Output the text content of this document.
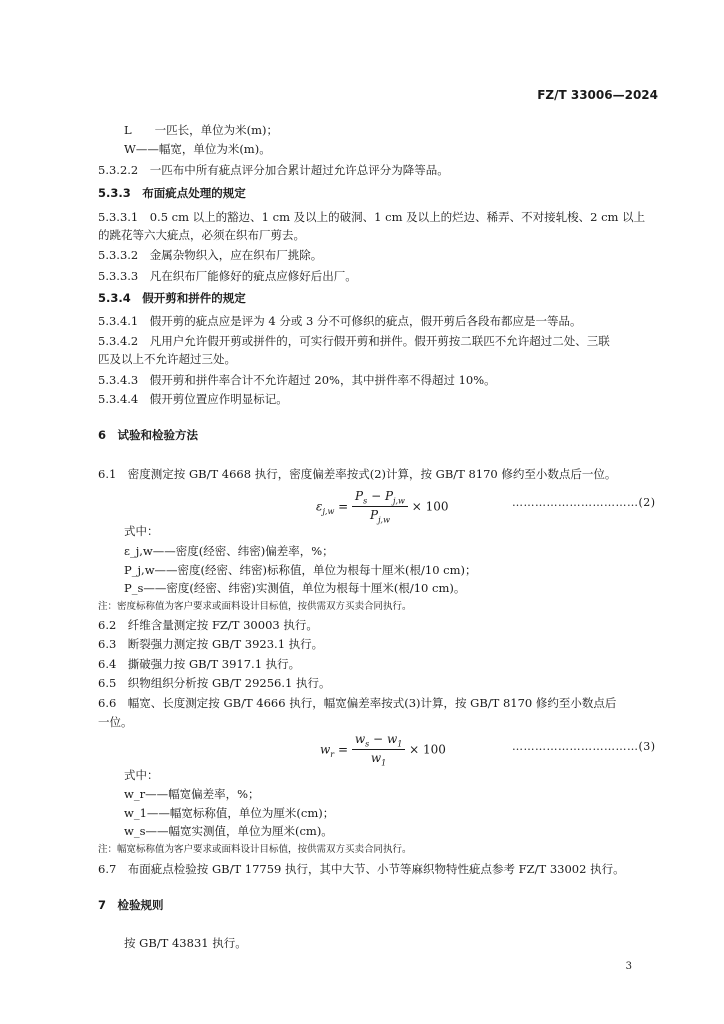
FZ/T 33006—2024
L　　一匹长，单位为米(m)；
W——幅宽，单位为米(m)。
5.3.2.2　一匹布中所有疵点评分加合累计超过允许总评分为降等品。
5.3.3　布面疵点处理的规定
5.3.3.1　0.5 cm 以上的豁边、1 cm 及以上的破洞、1 cm 及以上的烂边、稀弄、不对接轧梭、2 cm 以上
的跳花等六大疵点，必须在织布厂剪去。
5.3.3.2　金属杂物织入，应在织布厂挑除。
5.3.3.3　凡在织布厂能修好的疵点应修好后出厂。
5.3.4　假开剪和拼件的规定
5.3.4.1　假开剪的疵点应是评为 4 分或 3 分不可修织的疵点，假开剪后各段布都应是一等品。
5.3.4.2　凡用户允许假开剪或拼件的，可实行假开剪和拼件。假开剪按二联匹不允许超过二处、三联
匹及以上不允许超过三处。
5.3.4.3　假开剪和拼件率合计不允许超过 20%，其中拼件率不得超过 10%。
5.3.4.4　假开剪位置应作明显标记。
6　试验和检验方法
6.1　密度测定按 GB/T 4668 执行，密度偏差率按式(2)计算，按 GB/T 8170 修约至小数点后一位。
$\varepsilon_{j,w} = \frac{P_s - P_{j,w}}{P_{j,w}} \times 100$	……………………………(2)
式中：
ε_j,w——密度(经密、纬密)偏差率，%；
P_j,w——密度(经密、纬密)标称值，单位为根每十厘米(根/10 cm)；
P_s——密度(经密、纬密)实测值，单位为根每十厘米(根/10 cm)。
注：密度标称值为客户要求或面料设计目标值，按供需双方买卖合同执行。
6.2　纤维含量测定按 FZ/T 30003 执行。
6.3　断裂强力测定按 GB/T 3923.1 执行。
6.4　撕破强力按 GB/T 3917.1 执行。
6.5　织物组织分析按 GB/T 29256.1 执行。
6.6　幅宽、长度测定按 GB/T 4666 执行，幅宽偏差率按式(3)计算，按 GB/T 8170 修约至小数点后
一位。
$w_r = \frac{w_s - w_1}{w_1} \times 100$	……………………………(3)
式中：
w_r——幅宽偏差率，%；
w_1——幅宽标称值，单位为厘米(cm)；
w_s——幅宽实测值，单位为厘米(cm)。
注：幅宽标称值为客户要求或面料设计目标值，按供需双方买卖合同执行。
6.7　布面疵点检验按 GB/T 17759 执行，其中大节、小节等麻织物特性疵点参考 FZ/T 33002 执行。
7　检验规则
按 GB/T 43831 执行。
3
